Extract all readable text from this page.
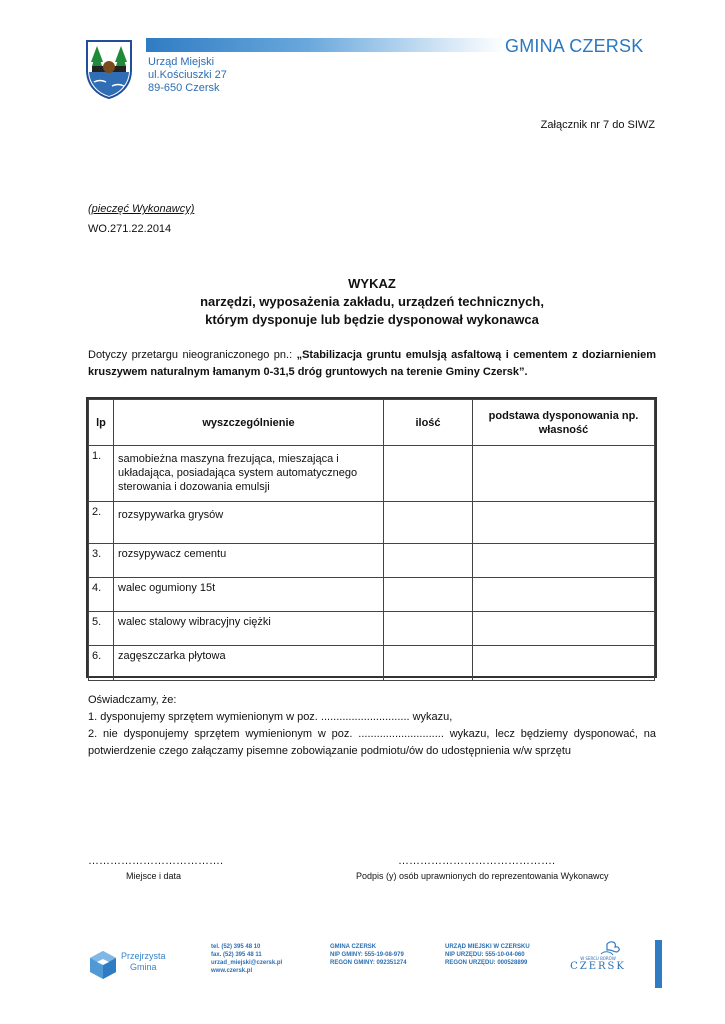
GMINA CZERSK
Urząd Miejski
ul.Kościuszki 27
89-650 Czersk
Załącznik nr 7 do SIWZ
(pieczęć Wykonawcy)
WO.271.22.2014
WYKAZ
narzędzi, wyposażenia zakładu, urządzeń technicznych,
którym dysponuje lub będzie dysponował wykonawca
Dotyczy przetargu nieograniczonego pn.: „Stabilizacja gruntu emulsją asfaltową i cementem z doziarnieniem kruszywem naturalnym łamanym 0-31,5 dróg gruntowych na terenie Gminy Czersk”.
lp	wyszczególnienie	ilość	podstawa dysponowania np. własność
1.	samobieżna maszyna frezująca, mieszająca i układająca, posiadająca system automatycznego sterowania i dozowania emulsji		
2.	rozsypywarka grysów		
3.	rozsypywacz cementu		
4.	walec ogumiony 15t		
5.	walec stalowy wibracyjny ciężki		
6.	zagęszczarka płytowa		
Oświadczamy, że:
1. dysponujemy sprzętem wymienionym w poz. ............................. wykazu,
2. nie dysponujemy sprzętem wymienionym w poz. ............................ wykazu, lecz będziemy dysponować, na potwierdzenie czego załączamy pisemne zobowiązanie podmiotu/ów do udostępnienia w/w sprzętu
……………………………….
Miejsce i data
…………………………………….
Podpis (y) osób uprawnionych do reprezentowania Wykonawcy
Przejrzysta
Gmina
tel. (52) 395 48 10
fax. (52) 395 48 11
urzad_miejski@czersk.pl
www.czersk.pl
GMINA CZERSK
NIP GMINY: 555-19-08-979
REGON GMINY: 092351274
URZĄD MIEJSKI W CZERSKU
NIP URZĘDU: 555-10-04-060
REGON URZĘDU: 000528899
W SERCU BORÓW
CZERSK
